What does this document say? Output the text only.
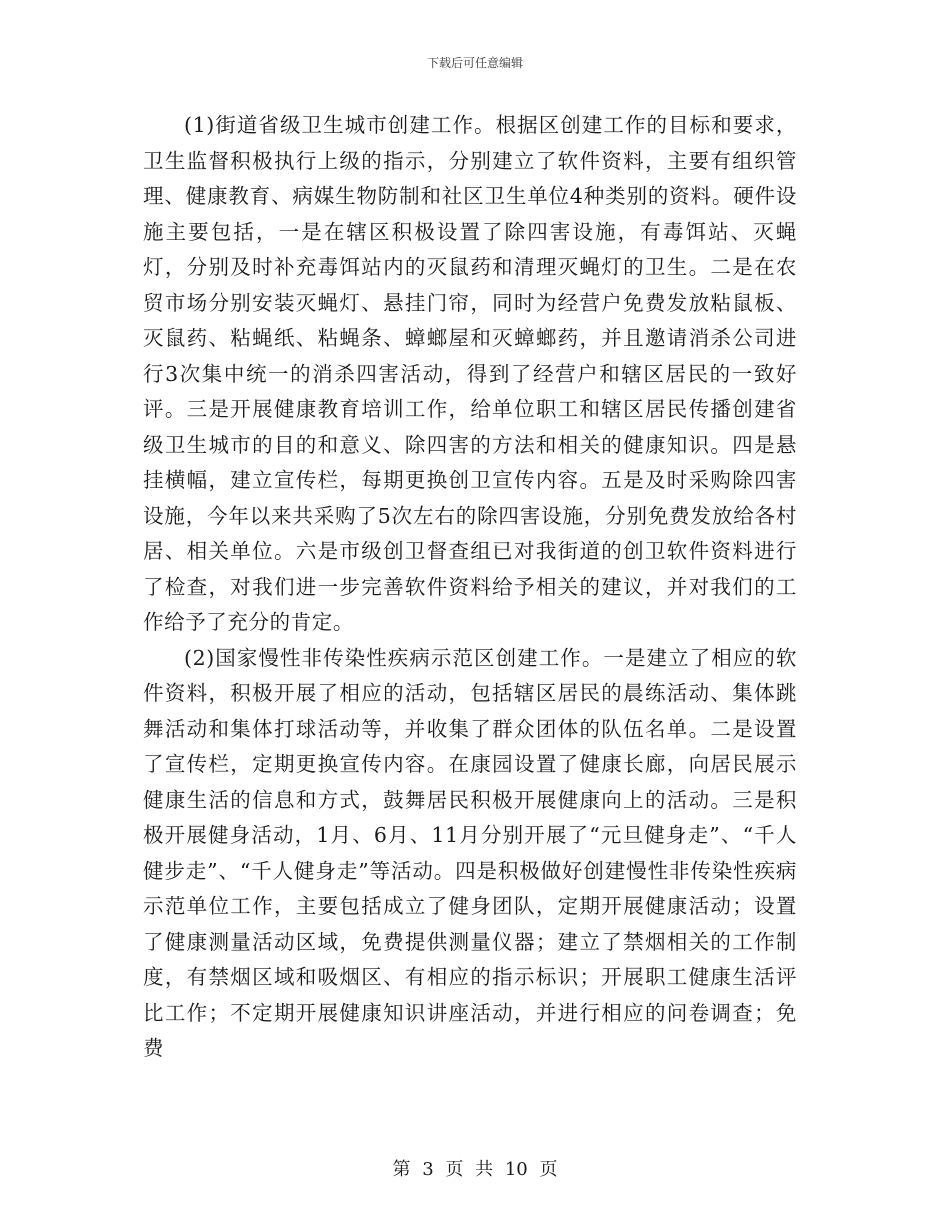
下载后可任意编辑

(1)街道省级卫生城市创建工作。根据区创建工作的目标和要求，卫生监督积极执行上级的指示，分别建立了软件资料，主要有组织管理、健康教育、病媒生物防制和社区卫生单位4种类别的资料。硬件设施主要包括，一是在辖区积极设置了除四害设施，有毒饵站、灭蝇灯，分别及时补充毒饵站内的灭鼠药和清理灭蝇灯的卫生。二是在农贸市场分别安装灭蝇灯、悬挂门帘，同时为经营户免费发放粘鼠板、灭鼠药、粘蝇纸、粘蝇条、蟑螂屋和灭蟑螂药，并且邀请消杀公司进行3次集中统一的消杀四害活动，得到了经营户和辖区居民的一致好评。三是开展健康教育培训工作，给单位职工和辖区居民传播创建省级卫生城市的目的和意义、除四害的方法和相关的健康知识。四是悬挂横幅，建立宣传栏，每期更换创卫宣传内容。五是及时采购除四害设施，今年以来共采购了5次左右的除四害设施，分别免费发放给各村居、相关单位。六是市级创卫督查组已对我街道的创卫软件资料进行了检查，对我们进一步完善软件资料给予相关的建议，并对我们的工作给予了充分的肯定。

(2)国家慢性非传染性疾病示范区创建工作。一是建立了相应的软件资料，积极开展了相应的活动，包括辖区居民的晨练活动、集体跳舞活动和集体打球活动等，并收集了群众团体的队伍名单。二是设置了宣传栏，定期更换宣传内容。在康园设置了健康长廊，向居民展示健康生活的信息和方式，鼓舞居民积极开展健康向上的活动。三是积极开展健身活动，1月、6月、11月分别开展了“元旦健身走”、“千人健步走”、“千人健身走”等活动。四是积极做好创建慢性非传染性疾病示范单位工作，主要包括成立了健身团队，定期开展健康活动；设置了健康测量活动区域，免费提供测量仪器；建立了禁烟相关的工作制度，有禁烟区域和吸烟区、有相应的指示标识；开展职工健康生活评比工作；不定期开展健康知识讲座活动，并进行相应的问卷调查；免费

第 3 页 共 10 页
